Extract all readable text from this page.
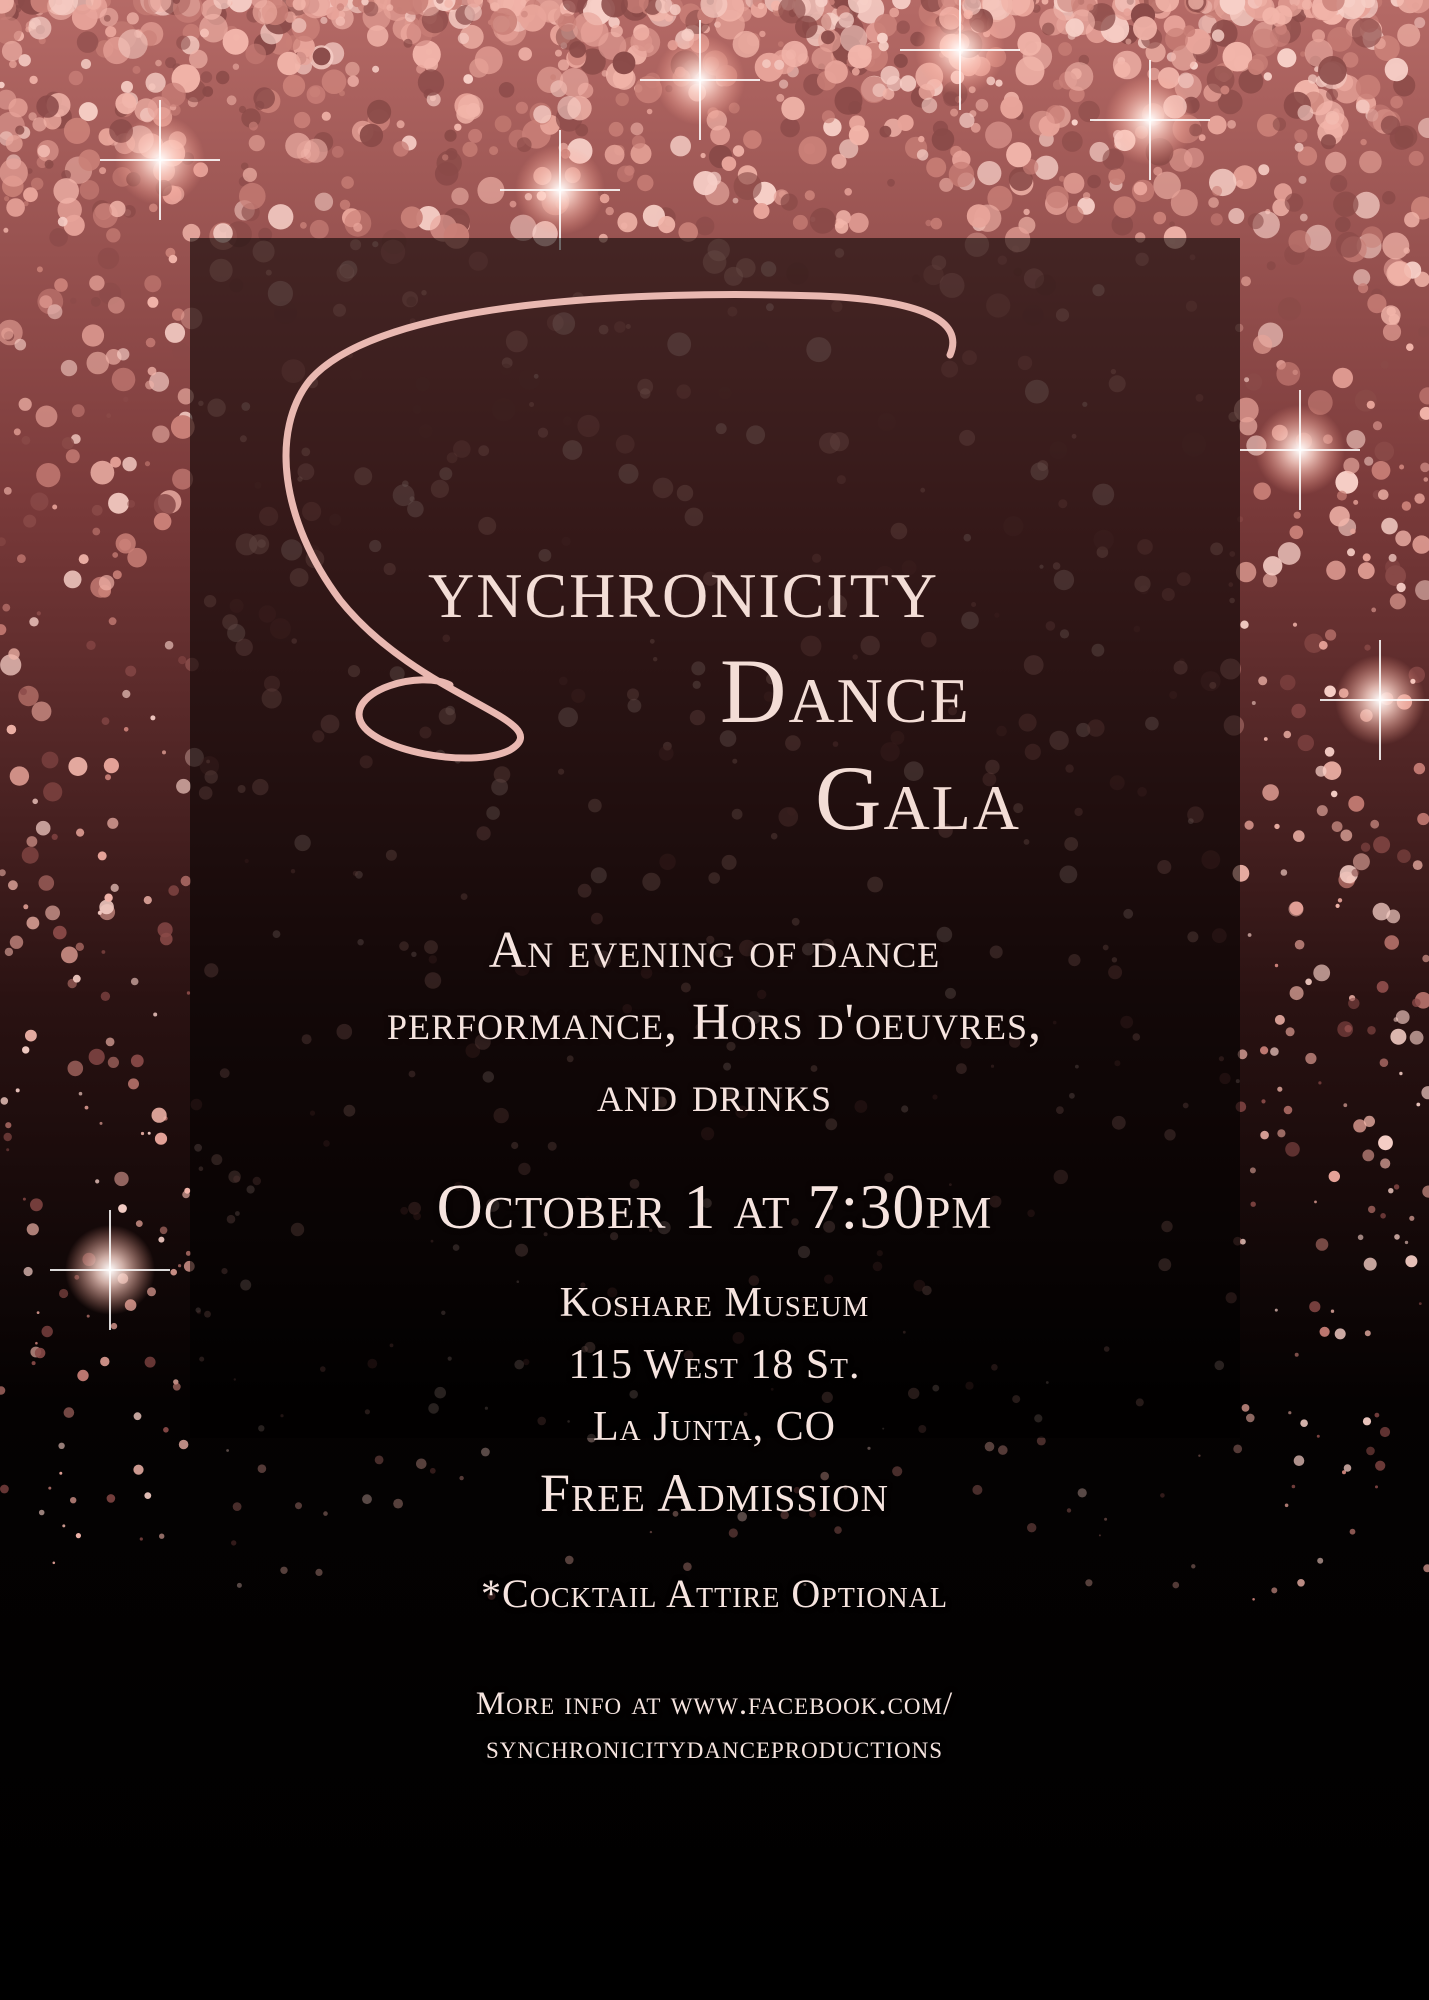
ynchronicity
Dance
Gala
An evening of dance
performance, Hors d'oeuvres,
and drinks
October 1 at 7:30pm
Koshare Museum
115 West 18 St.
La Junta, CO
Free Admission
*Cocktail Attire Optional
More info at www.facebook.com/
synchronicitydanceproductions
